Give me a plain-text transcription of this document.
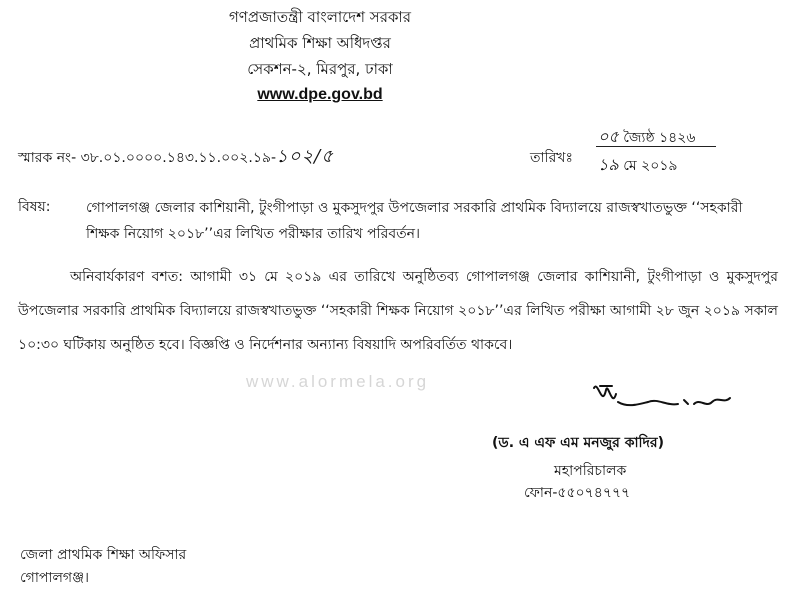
গণপ্রজাতন্ত্রী বাংলাদেশ সরকার
প্রাথমিক শিক্ষা অধিদপ্তর
সেকশন-২, মিরপুর, ঢাকা
www.dpe.gov.bd
স্মারক নং- ৩৮.০১.০০০০.১৪৩.১১.০০২.১৯-১০২/৫	তারিখঃ
০৫ জ্যৈষ্ঠ ১৪২৬
১৯ মে ২০১৯
বিষয়:	গোপালগঞ্জ জেলার কাশিয়ানী, টুংগীপাড়া ও মুকসুদপুর উপজেলার সরকারি প্রাথমিক বিদ্যালয়ে রাজস্বখাতভুক্ত ‘‘সহকারী শিক্ষক নিয়োগ ২০১৮’’এর লিখিত পরীক্ষার তারিখ পরিবর্তন।
অনিবার্যকারণ বশত: আগামী ৩১ মে ২০১৯ এর তারিখে অনুষ্ঠিতব্য গোপালগঞ্জ জেলার কাশিয়ানী, টুংগীপাড়া ও মুকসুদপুর উপজেলার সরকারি প্রাথমিক বিদ্যালয়ে রাজস্বখাতভুক্ত ‘‘সহকারী শিক্ষক নিয়োগ ২০১৮’’এর লিখিত পরীক্ষা আগামী ২৮ জুন ২০১৯ সকাল ১০:৩০ ঘটিকায় অনুষ্ঠিত হবে। বিজ্ঞপ্তি ও নির্দেশনার অন্যান্য বিষয়াদি অপরিবর্তিত থাকবে।
www.alormela.org
(ড. এ এফ এম মনজুর কাদির)
মহাপরিচালক
ফোন-৫৫০৭৪৭৭৭
জেলা প্রাথমিক শিক্ষা অফিসার
গোপালগঞ্জ।
